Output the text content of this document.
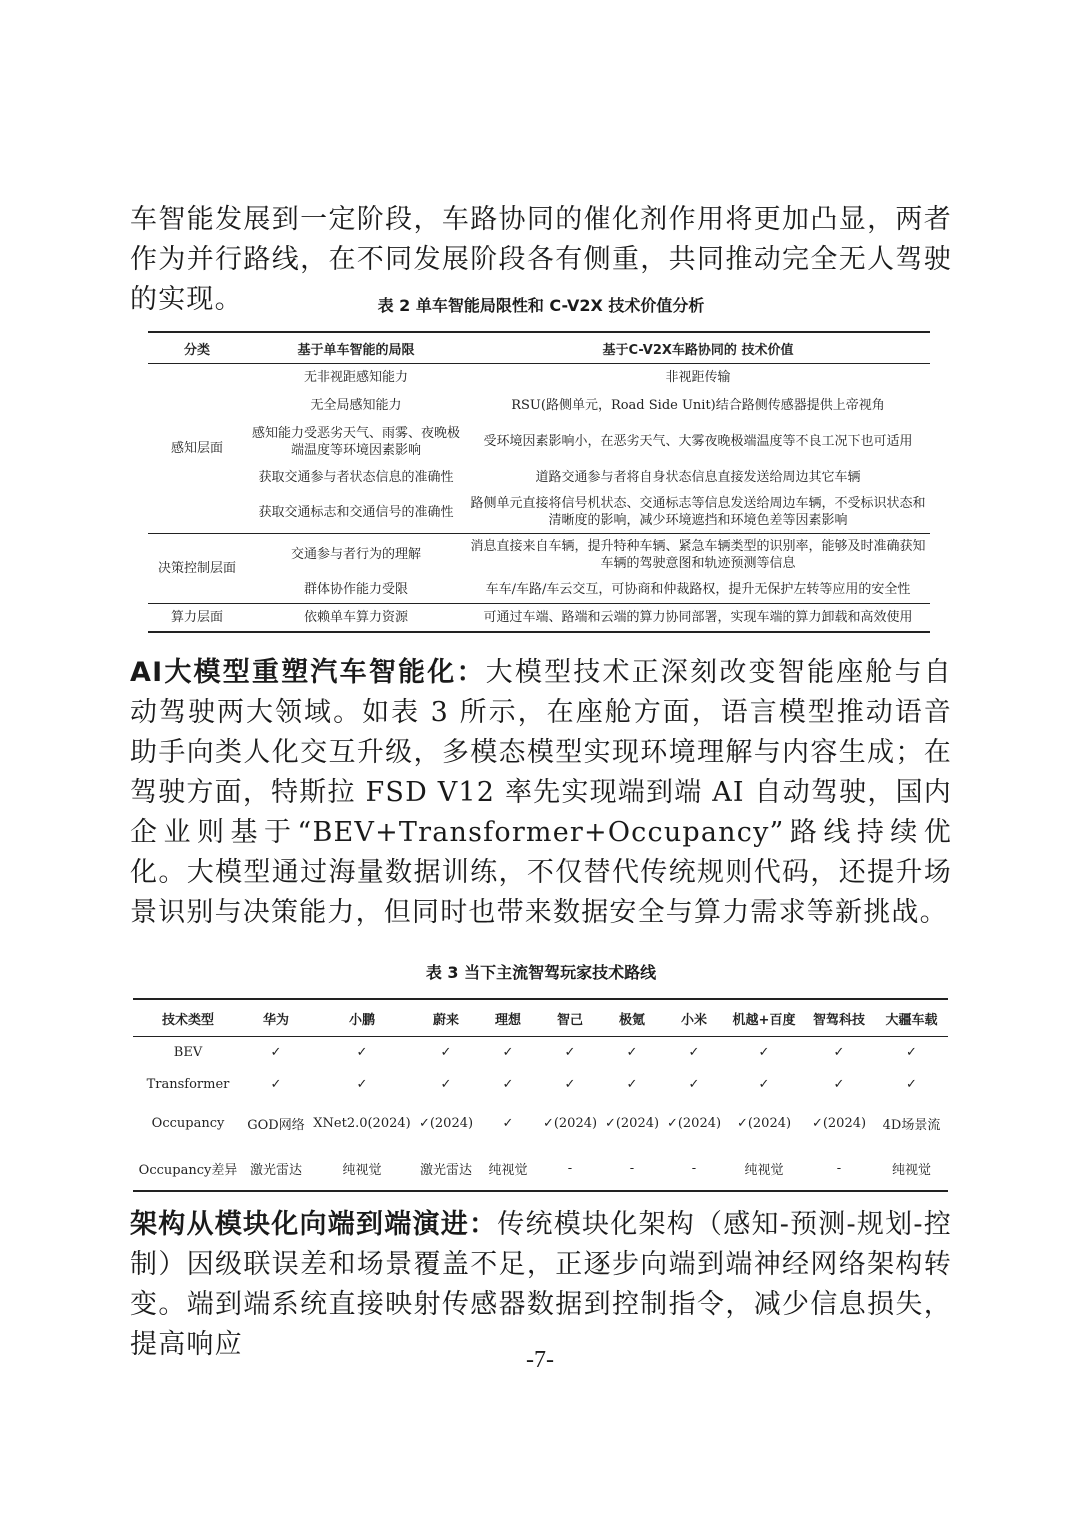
车智能发展到一定阶段，车路协同的催化剂作用将更加凸显，两者作为并行路线，在不同发展阶段各有侧重，共同推动完全无人驾驶的实现。	表 2 单车智能局限性和 C-V2X 技术价值分析

分类	基于单车智能的局限	基于C-V2X车路协同的 技术价值
感知层面	无非视距感知能力	非视距传输
	无全局感知能力	RSU(路侧单元，Road Side Unit)结合路侧传感器提供上帝视角
	感知能力受恶劣天气、雨雾、夜晚极端温度等环境因素影响	受环境因素影响小，在恶劣天气、大雾夜晚极端温度等不良工况下也可适用
	获取交通参与者状态信息的准确性	道路交通参与者将自身状态信息直接发送给周边其它车辆
	获取交通标志和交通信号的准确性	路侧单元直接将信号机状态、交通标志等信息发送给周边车辆，不受标识状态和清晰度的影响，减少环境遮挡和环境色差等因素影响
决策控制层面	交通参与者行为的理解	消息直接来自车辆，提升特种车辆、紧急车辆类型的识别率，能够及时准确获知车辆的驾驶意图和轨迹预测等信息
	群体协作能力受限	车车/车路/车云交互，可协商和仲裁路权，提升无保护左转等应用的安全性
算力层面	依赖单车算力资源	可通过车端、路端和云端的算力协同部署，实现车端的算力卸载和高效使用

AI大模型重塑汽车智能化：大模型技术正深刻改变智能座舱与自动驾驶两大领域。如表 3 所示，在座舱方面，语言模型推动语音助手向类人化交互升级，多模态模型实现环境理解与内容生成；在驾驶方面，特斯拉 FSD V12 率先实现端到端 AI 自动驾驶，国内企业则基于“BEV+Transformer+Occupancy”路线持续优化。大模型通过海量数据训练，不仅替代传统规则代码，还提升场景识别与决策能力，但同时也带来数据安全与算力需求等新挑战。

表 3 当下主流智驾玩家技术路线

技术类型	华为	小鹏	蔚来	理想	智己	极氪	小米	机越+百度	智驾科技	大疆车载
BEV	✓	✓	✓	✓	✓	✓	✓	✓	✓	✓
Transformer	✓	✓	✓	✓	✓	✓	✓	✓	✓	✓
Occupancy	GOD网络	XNet2.0(2024)	✓(2024)	✓	✓(2024)	✓(2024)	✓(2024)	✓(2024)	✓(2024)	4D场景流
Occupancy差异	激光雷达	纯视觉	激光雷达	纯视觉	-	-	-	纯视觉	-	纯视觉

架构从模块化向端到端演进：传统模块化架构（感知-预测-规划-控制）因级联误差和场景覆盖不足，正逐步向端到端神经网络架构转变。端到端系统直接映射传感器数据到控制指令，减少信息损失，提高响应	-7-
